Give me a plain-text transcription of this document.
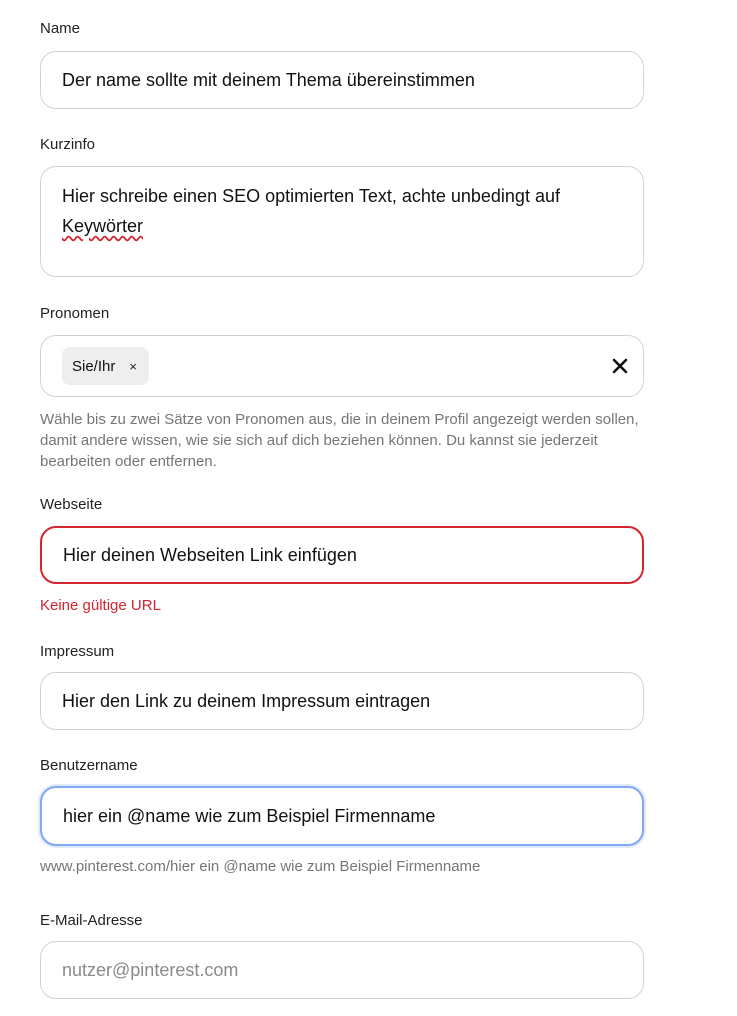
Name
Der name sollte mit deinem Thema übereinstimmen
Kurzinfo
Hier schreibe einen SEO optimierten Text, achte unbedingt auf
Keywörter
Pronomen
Sie/Ihr ×
Wähle bis zu zwei Sätze von Pronomen aus, die in deinem Profil angezeigt werden sollen, damit andere wissen, wie sie sich auf dich beziehen können. Du kannst sie jederzeit bearbeiten oder entfernen.
Webseite
Hier deinen Webseiten Link einfügen
Keine gültige URL
Impressum
Hier den Link zu deinem Impressum eintragen
Benutzername
hier ein @name wie zum Beispiel Firmenname
www.pinterest.com/hier ein @name wie zum Beispiel Firmenname
E-Mail-Adresse
nutzer@pinterest.com
